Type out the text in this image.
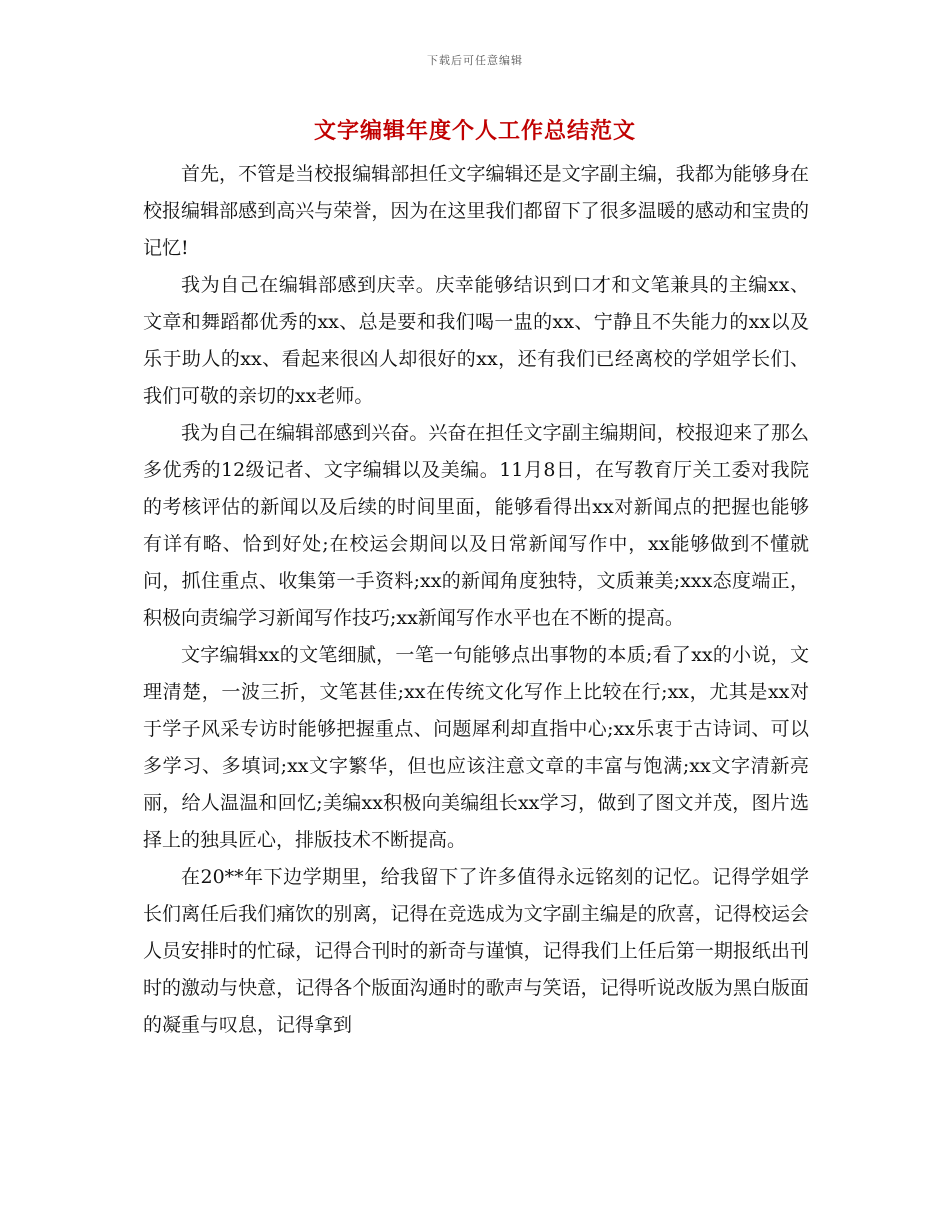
下载后可任意编辑
文字编辑年度个人工作总结范文

首先，不管是当校报编辑部担任文字编辑还是文字副主编，我都为能够身在校报编辑部感到高兴与荣誉，因为在这里我们都留下了很多温暖的感动和宝贵的记忆!

我为自己在编辑部感到庆幸。庆幸能够结识到口才和文笔兼具的主编xx、文章和舞蹈都优秀的xx、总是要和我们喝一盅的xx、宁静且不失能力的xx以及乐于助人的xx、看起来很凶人却很好的xx，还有我们已经离校的学姐学长们、我们可敬的亲切的xx老师。

我为自己在编辑部感到兴奋。兴奋在担任文字副主编期间，校报迎来了那么多优秀的12级记者、文字编辑以及美编。11月8日，在写教育厅关工委对我院的考核评估的新闻以及后续的时间里面，能够看得出xx对新闻点的把握也能够有详有略、恰到好处;在校运会期间以及日常新闻写作中，xx能够做到不懂就问，抓住重点、收集第一手资料;xx的新闻角度独特，文质兼美;xxx态度端正，积极向责编学习新闻写作技巧;xx新闻写作水平也在不断的提高。

文字编辑xx的文笔细腻，一笔一句能够点出事物的本质;看了xx的小说，文理清楚，一波三折，文笔甚佳;xx在传统文化写作上比较在行;xx，尤其是xx对于学子风采专访时能够把握重点、问题犀利却直指中心;xx乐衷于古诗词、可以多学习、多填词;xx文字繁华，但也应该注意文章的丰富与饱满;xx文字清新亮丽，给人温温和回忆;美编xx积极向美编组长xx学习，做到了图文并茂，图片选择上的独具匠心，排版技术不断提高。

在20**年下边学期里，给我留下了许多值得永远铭刻的记忆。记得学姐学长们离任后我们痛饮的别离，记得在竞选成为文字副主编是的欣喜，记得校运会人员安排时的忙碌，记得合刊时的新奇与谨慎，记得我们上任后第一期报纸出刊时的激动与快意，记得各个版面沟通时的歌声与笑语，记得听说改版为黑白版面的凝重与叹息，记得拿到
